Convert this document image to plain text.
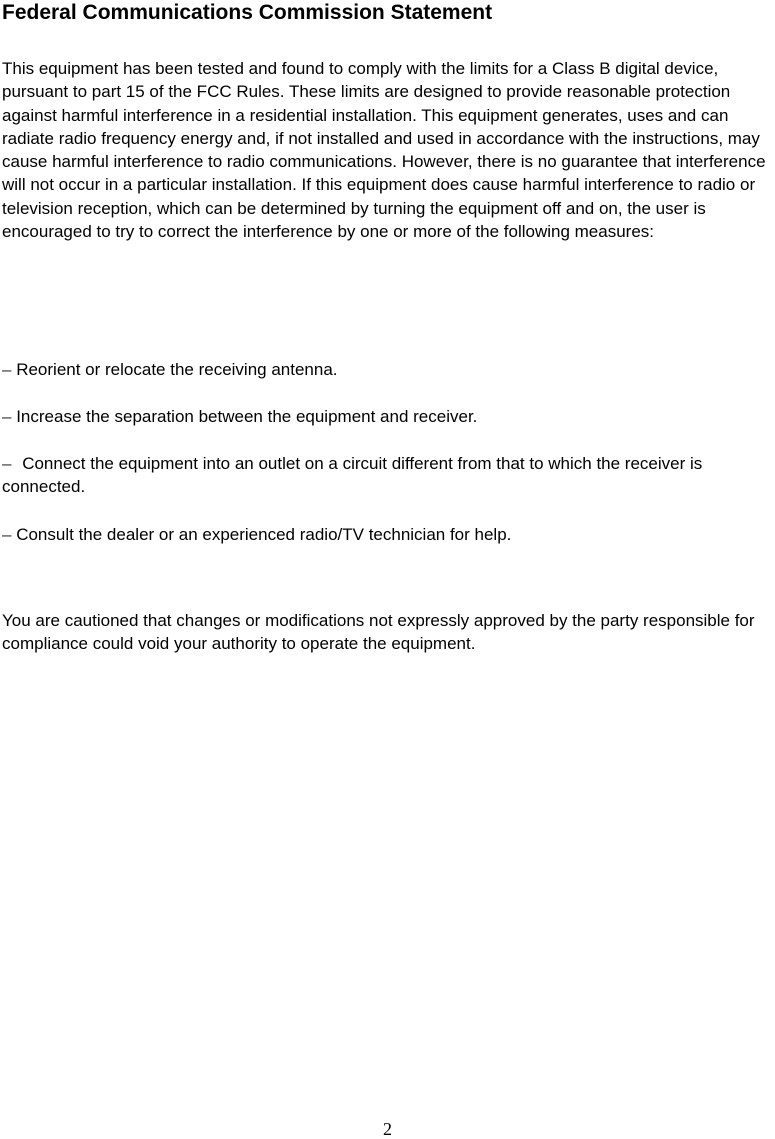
Federal Communications Commission Statement

This equipment has been tested and found to comply with the limits for a Class B digital device, pursuant to part 15 of the FCC Rules. These limits are designed to provide reasonable protection against harmful interference in a residential installation. This equipment generates, uses and can radiate radio frequency energy and, if not installed and used in accordance with the instructions, may cause harmful interference to radio communications. However, there is no guarantee that interference will not occur in a particular installation. If this equipment does cause harmful interference to radio or television reception, which can be determined by turning the equipment off and on, the user is encouraged to try to correct the interference by one or more of the following measures:

– Reorient or relocate the receiving antenna.

– Increase the separation between the equipment and receiver.

– Connect the equipment into an outlet on a circuit different from that to which the receiver is connected.

– Consult the dealer or an experienced radio/TV technician for help.

You are cautioned that changes or modifications not expressly approved by the party responsible for compliance could void your authority to operate the equipment.

2
